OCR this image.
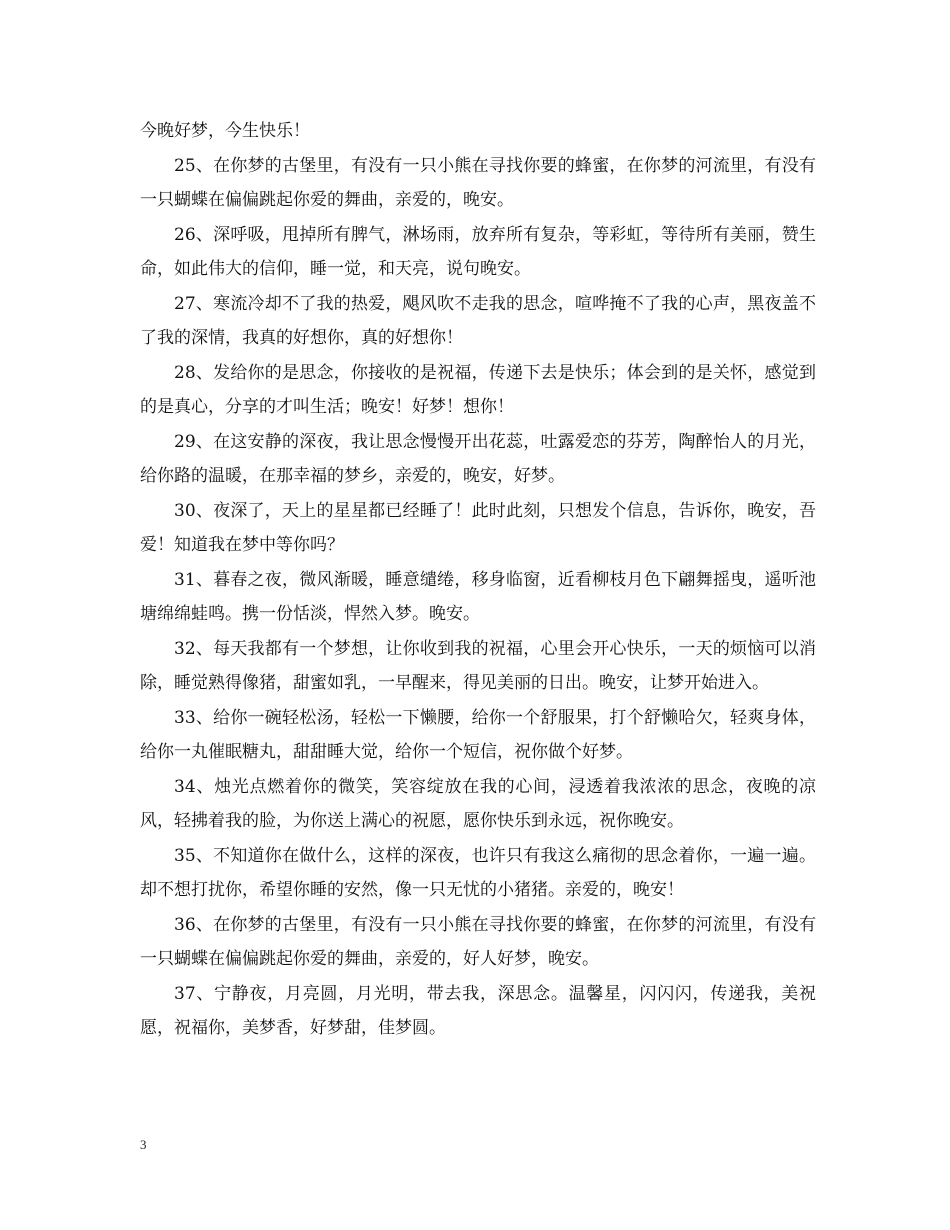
今晚好梦，今生快乐！

25、在你梦的古堡里，有没有一只小熊在寻找你要的蜂蜜，在你梦的河流里，有没有一只蝴蝶在偏偏跳起你爱的舞曲，亲爱的，晚安。

26、深呼吸，甩掉所有脾气，淋场雨，放弃所有复杂，等彩虹，等待所有美丽，赞生命，如此伟大的信仰，睡一觉，和天亮，说句晚安。

27、寒流冷却不了我的热爱，飓风吹不走我的思念，喧哗掩不了我的心声，黑夜盖不了我的深情，我真的好想你，真的好想你！

28、发给你的是思念，你接收的是祝福，传递下去是快乐；体会到的是关怀，感觉到的是真心，分享的才叫生活；晚安！好梦！想你！

29、在这安静的深夜，我让思念慢慢开出花蕊，吐露爱恋的芬芳，陶醉怡人的月光，给你路的温暖，在那幸福的梦乡，亲爱的，晚安，好梦。

30、夜深了，天上的星星都已经睡了！此时此刻，只想发个信息，告诉你，晚安，吾爱！知道我在梦中等你吗？

31、暮春之夜，微风渐暖，睡意缱绻，移身临窗，近看柳枝月色下翩舞摇曳，遥听池塘绵绵蛙鸣。携一份恬淡，悍然入梦。晚安。

32、每天我都有一个梦想，让你收到我的祝福，心里会开心快乐，一天的烦恼可以消除，睡觉熟得像猪，甜蜜如乳，一早醒来，得见美丽的日出。晚安，让梦开始进入。

33、给你一碗轻松汤，轻松一下懒腰，给你一个舒服果，打个舒懒哈欠，轻爽身体，给你一丸催眠糖丸，甜甜睡大觉，给你一个短信，祝你做个好梦。

34、烛光点燃着你的微笑，笑容绽放在我的心间，浸透着我浓浓的思念，夜晚的凉风，轻拂着我的脸，为你送上满心的祝愿，愿你快乐到永远，祝你晚安。

35、不知道你在做什么，这样的深夜，也许只有我这么痛彻的思念着你，一遍一遍。却不想打扰你，希望你睡的安然，像一只无忧的小猪猪。亲爱的，晚安！

36、在你梦的古堡里，有没有一只小熊在寻找你要的蜂蜜，在你梦的河流里，有没有一只蝴蝶在偏偏跳起你爱的舞曲，亲爱的，好人好梦，晚安。

37、宁静夜，月亮圆，月光明，带去我，深思念。温馨星，闪闪闪，传递我，美祝愿，祝福你，美梦香，好梦甜，佳梦圆。

3
